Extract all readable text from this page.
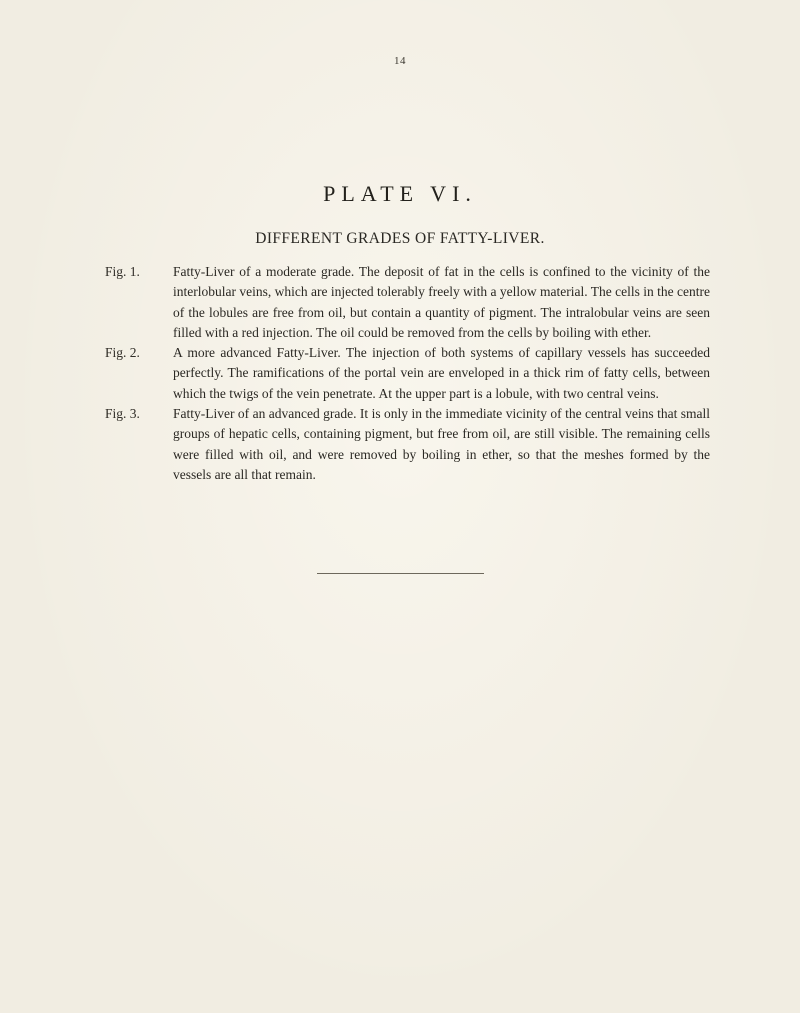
14
PLATE VI.
DIFFERENT GRADES OF FATTY-LIVER.
Fig. 1.	Fatty-Liver of a moderate grade. The deposit of fat in the cells is confined to the vicinity of the interlobular veins, which are injected tolerably freely with a yellow material. The cells in the centre of the lobules are free from oil, but contain a quantity of pigment. The intralobular veins are seen filled with a red injection. The oil could be removed from the cells by boiling with ether.
Fig. 2.	A more advanced Fatty-Liver. The injection of both systems of capillary vessels has succeeded perfectly. The ramifications of the portal vein are enveloped in a thick rim of fatty cells, between which the twigs of the vein penetrate. At the upper part is a lobule, with two central veins.
Fig. 3.	Fatty-Liver of an advanced grade. It is only in the immediate vicinity of the central veins that small groups of hepatic cells, containing pigment, but free from oil, are still visible. The remaining cells were filled with oil, and were removed by boiling in ether, so that the meshes formed by the vessels are all that remain.
